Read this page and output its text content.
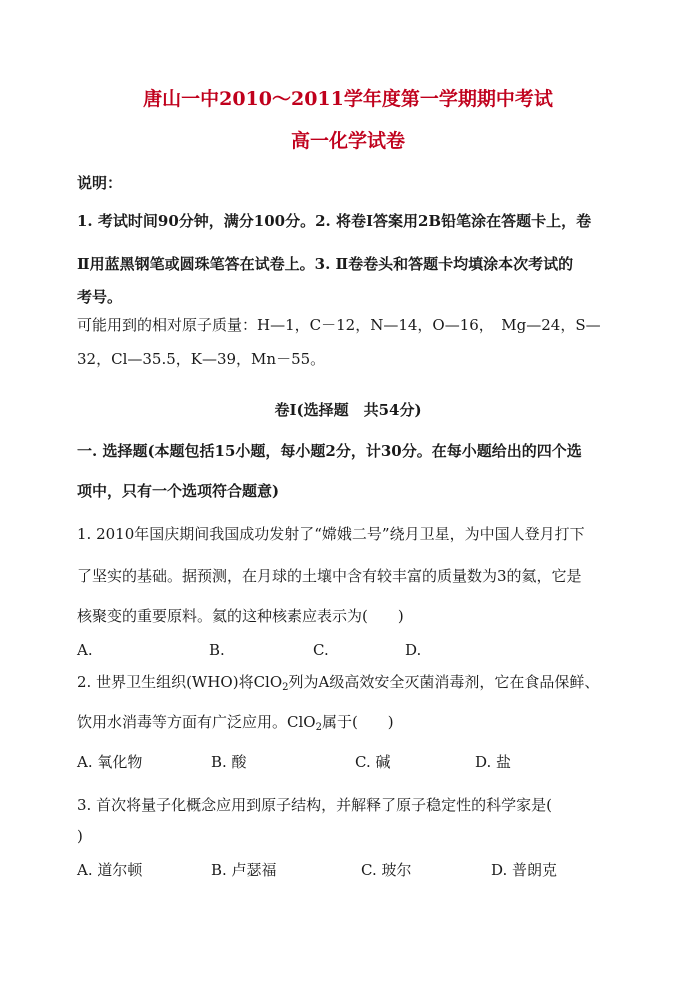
唐山一中2010～2011学年度第一学期期中考试
高一化学试卷
说明：
1. 考试时间90分钟，满分100分。2. 将卷Ⅰ答案用2B铅笔涂在答题卡上，卷
Ⅱ用蓝黑钢笔或圆珠笔答在试卷上。3. Ⅱ卷卷头和答题卡均填涂本次考试的
考号。
可能用到的相对原子质量：H—1，C－12，N—14，O—16，　Mg—24，S—
32，Cl—35.5，K—39，Mn－55。
卷Ⅰ(选择题　共54分)
一. 选择题(本题包括15小题，每小题2分，计30分。在每小题给出的四个选
项中，只有一个选项符合题意)
1. 2010年国庆期间我国成功发射了“嫦娥二号”绕月卫星，为中国人登月打下
了坚实的基础。据预测，在月球的土壤中含有较丰富的质量数为3的氦，它是
核聚变的重要原料。氦的这种核素应表示为(　　)
A.	B.	C.	D.
2. 世界卫生组织(WHO)将ClO$_2$列为A级高效安全灭菌消毒剂，它在食品保鲜、
饮用水消毒等方面有广泛应用。ClO$_2$属于(　　)
A. 氧化物	B. 酸	C. 碱	D. 盐
3. 首次将量子化概念应用到原子结构，并解释了原子稳定性的科学家是(
)
A. 道尔顿	B. 卢瑟福	C. 玻尔	D. 普朗克
